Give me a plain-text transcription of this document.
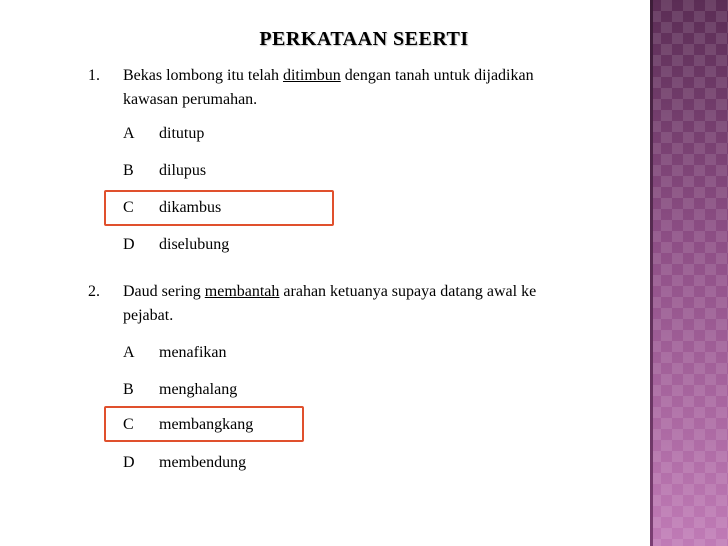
PERKATAAN SEERTI
1. Bekas lombong itu telah ditimbun dengan tanah untuk dijadikan
kawasan perumahan.
A ditutup
B dilupus
C dikambus
D diselubung
2. Daud sering membantah arahan ketuanya supaya datang awal ke
pejabat.
A menafikan
B menghalang
C membangkang
D membendung
